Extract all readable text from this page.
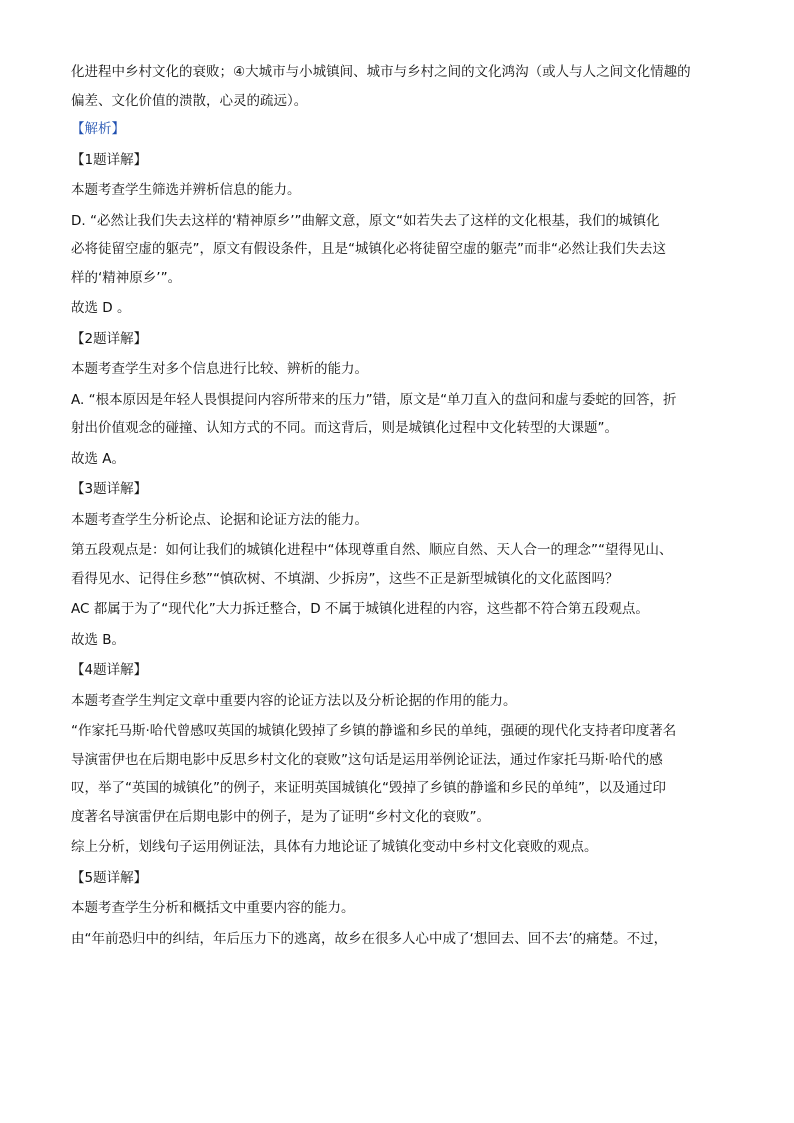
化进程中乡村文化的衰败；④大城市与小城镇间、城市与乡村之间的文化鸿沟（或人与人之间文化情趣的

偏差、文化价值的溃散，心灵的疏远）。

【解析】

【1题详解】

本题考查学生筛选并辨析信息的能力。

D. “必然让我们失去这样的‘精神原乡’”曲解文意，原文“如若失去了这样的文化根基，我们的城镇化

必将徒留空虚的躯壳”，原文有假设条件，且是“城镇化必将徒留空虚的躯壳”而非“必然让我们失去这

样的‘精神原乡’”。

故选 D 。

【2题详解】

本题考查学生对多个信息进行比较、辨析的能力。

A. “根本原因是年轻人畏惧提问内容所带来的压力”错，原文是“单刀直入的盘问和虚与委蛇的回答，折

射出价值观念的碰撞、认知方式的不同。而这背后，则是城镇化过程中文化转型的大课题”。

故选 A。

【3题详解】

本题考查学生分析论点、论据和论证方法的能力。

第五段观点是：如何让我们的城镇化进程中“体现尊重自然、顺应自然、天人合一的理念”“望得见山、

看得见水、记得住乡愁”“慎砍树、不填湖、少拆房”，这些不正是新型城镇化的文化蓝图吗？

AC 都属于为了“现代化”大力拆迁整合，D 不属于城镇化进程的内容，这些都不符合第五段观点。

故选 B。

【4题详解】

本题考查学生判定文章中重要内容的论证方法以及分析论据的作用的能力。

“作家托马斯·哈代曾感叹英国的城镇化毁掉了乡镇的静谧和乡民的单纯，强硬的现代化支持者印度著名

导演雷伊也在后期电影中反思乡村文化的衰败”这句话是运用举例论证法，通过作家托马斯·哈代的感

叹，举了“英国的城镇化”的例子，来证明英国城镇化“毁掉了乡镇的静谧和乡民的单纯”，以及通过印

度著名导演雷伊在后期电影中的例子，是为了证明“乡村文化的衰败”。

综上分析，划线句子运用例证法，具体有力地论证了城镇化变动中乡村文化衰败的观点。

【5题详解】

本题考查学生分析和概括文中重要内容的能力。

由“年前恐归中的纠结，年后压力下的逃离，故乡在很多人心中成了‘想回去、回不去’的痛楚。不过，
